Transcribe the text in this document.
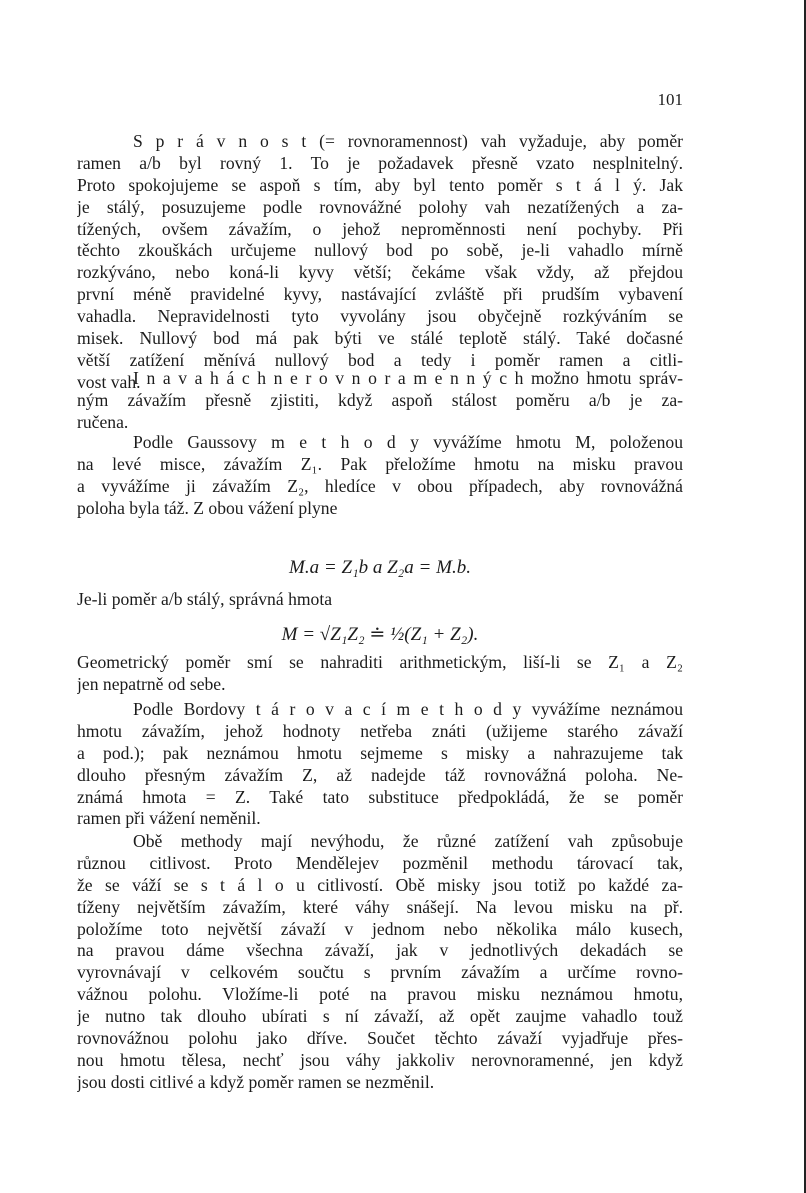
101
S p r á v n o s t (= rovnoramennost) vah vyžaduje, aby poměr
ramen a/b byl rovný 1. To je požadavek přesně vzato nesplnitelný.
Proto spokojujeme se aspoň s tím, aby byl tento poměr s t á l ý. Jak
je stálý, posuzujeme podle rovnovážné polohy vah nezatížených a za-
tížených, ovšem závažím, o jehož neproměnnosti není pochyby. Při
těchto zkouškách určujeme nullový bod po sobě, je-li vahadlo mírně
rozkýváno, nebo koná-li kyvy větší; čekáme však vždy, až přejdou
první méně pravidelné kyvy, nastávající zvláště při prudším vybavení
vahadla. Nepravidelnosti tyto vyvolány jsou obyčejně rozkýváním se
misek. Nullový bod má pak býti ve stálé teplotě stálý. Také dočasné
větší zatížení měnívá nullový bod a tedy i poměr ramen a citli-
vost vah.
I n a v a h á c h n e r o v n o r a m e n n ý c h možno hmotu správ-
ným závažím přesně zjistiti, když aspoň stálost poměru a/b je za-
ručena.
Podle Gaussovy m e t h o d y vyvážíme hmotu M, položenou
na levé misce, závažím Z₁. Pak přeložíme hmotu na misku pravou
a vyvážíme ji závažím Z₂, hledíce v obou případech, aby rovnovážná
poloha byla táž. Z obou vážení plyne
M.a = Z₁b a Z₂a = M.b.
Je-li poměr a/b stálý, správná hmota
M = √Z₁Z₂ ≐ ½(Z₁ + Z₂).
Geometrický poměr smí se nahraditi arithmetickým, liší-li se Z₁ a Z₂
jen nepatrně od sebe.
Podle Bordovy t á r o v a c í m e t h o d y vyvážíme neznámou
hmotu závažím, jehož hodnoty netřeba znáti (užijeme starého závaží
a pod.); pak neznámou hmotu sejmeme s misky a nahrazujeme tak
dlouho přesným závažím Z, až nadejde táž rovnovážná poloha. Ne-
známá hmota = Z. Také tato substituce předpokládá, že se poměr
ramen při vážení neměnil.
Obě methody mají nevýhodu, že různé zatížení vah způsobuje
různou citlivost. Proto Mendělejev pozměnil methodu tárovací tak,
že se váží se s t á l o u citlivostí. Obě misky jsou totiž po každé za-
tíženy největším závažím, které váhy snášejí. Na levou misku na př.
položíme toto největší závaží v jednom nebo několika málo kusech,
na pravou dáme všechna závaží, jak v jednotlivých dekadách se
vyrovnávají v celkovém součtu s prvním závažím a určíme rovno-
vážnou polohu. Vložíme-li poté na pravou misku neznámou hmotu,
je nutno tak dlouho ubírati s ní závaží, až opět zaujme vahadlo touž
rovnovážnou polohu jako dříve. Součet těchto závaží vyjadřuje přes-
nou hmotu tělesa, nechť jsou váhy jakkoliv nerovnoramenné, jen když
jsou dosti citlivé a když poměr ramen se nezměnil.
